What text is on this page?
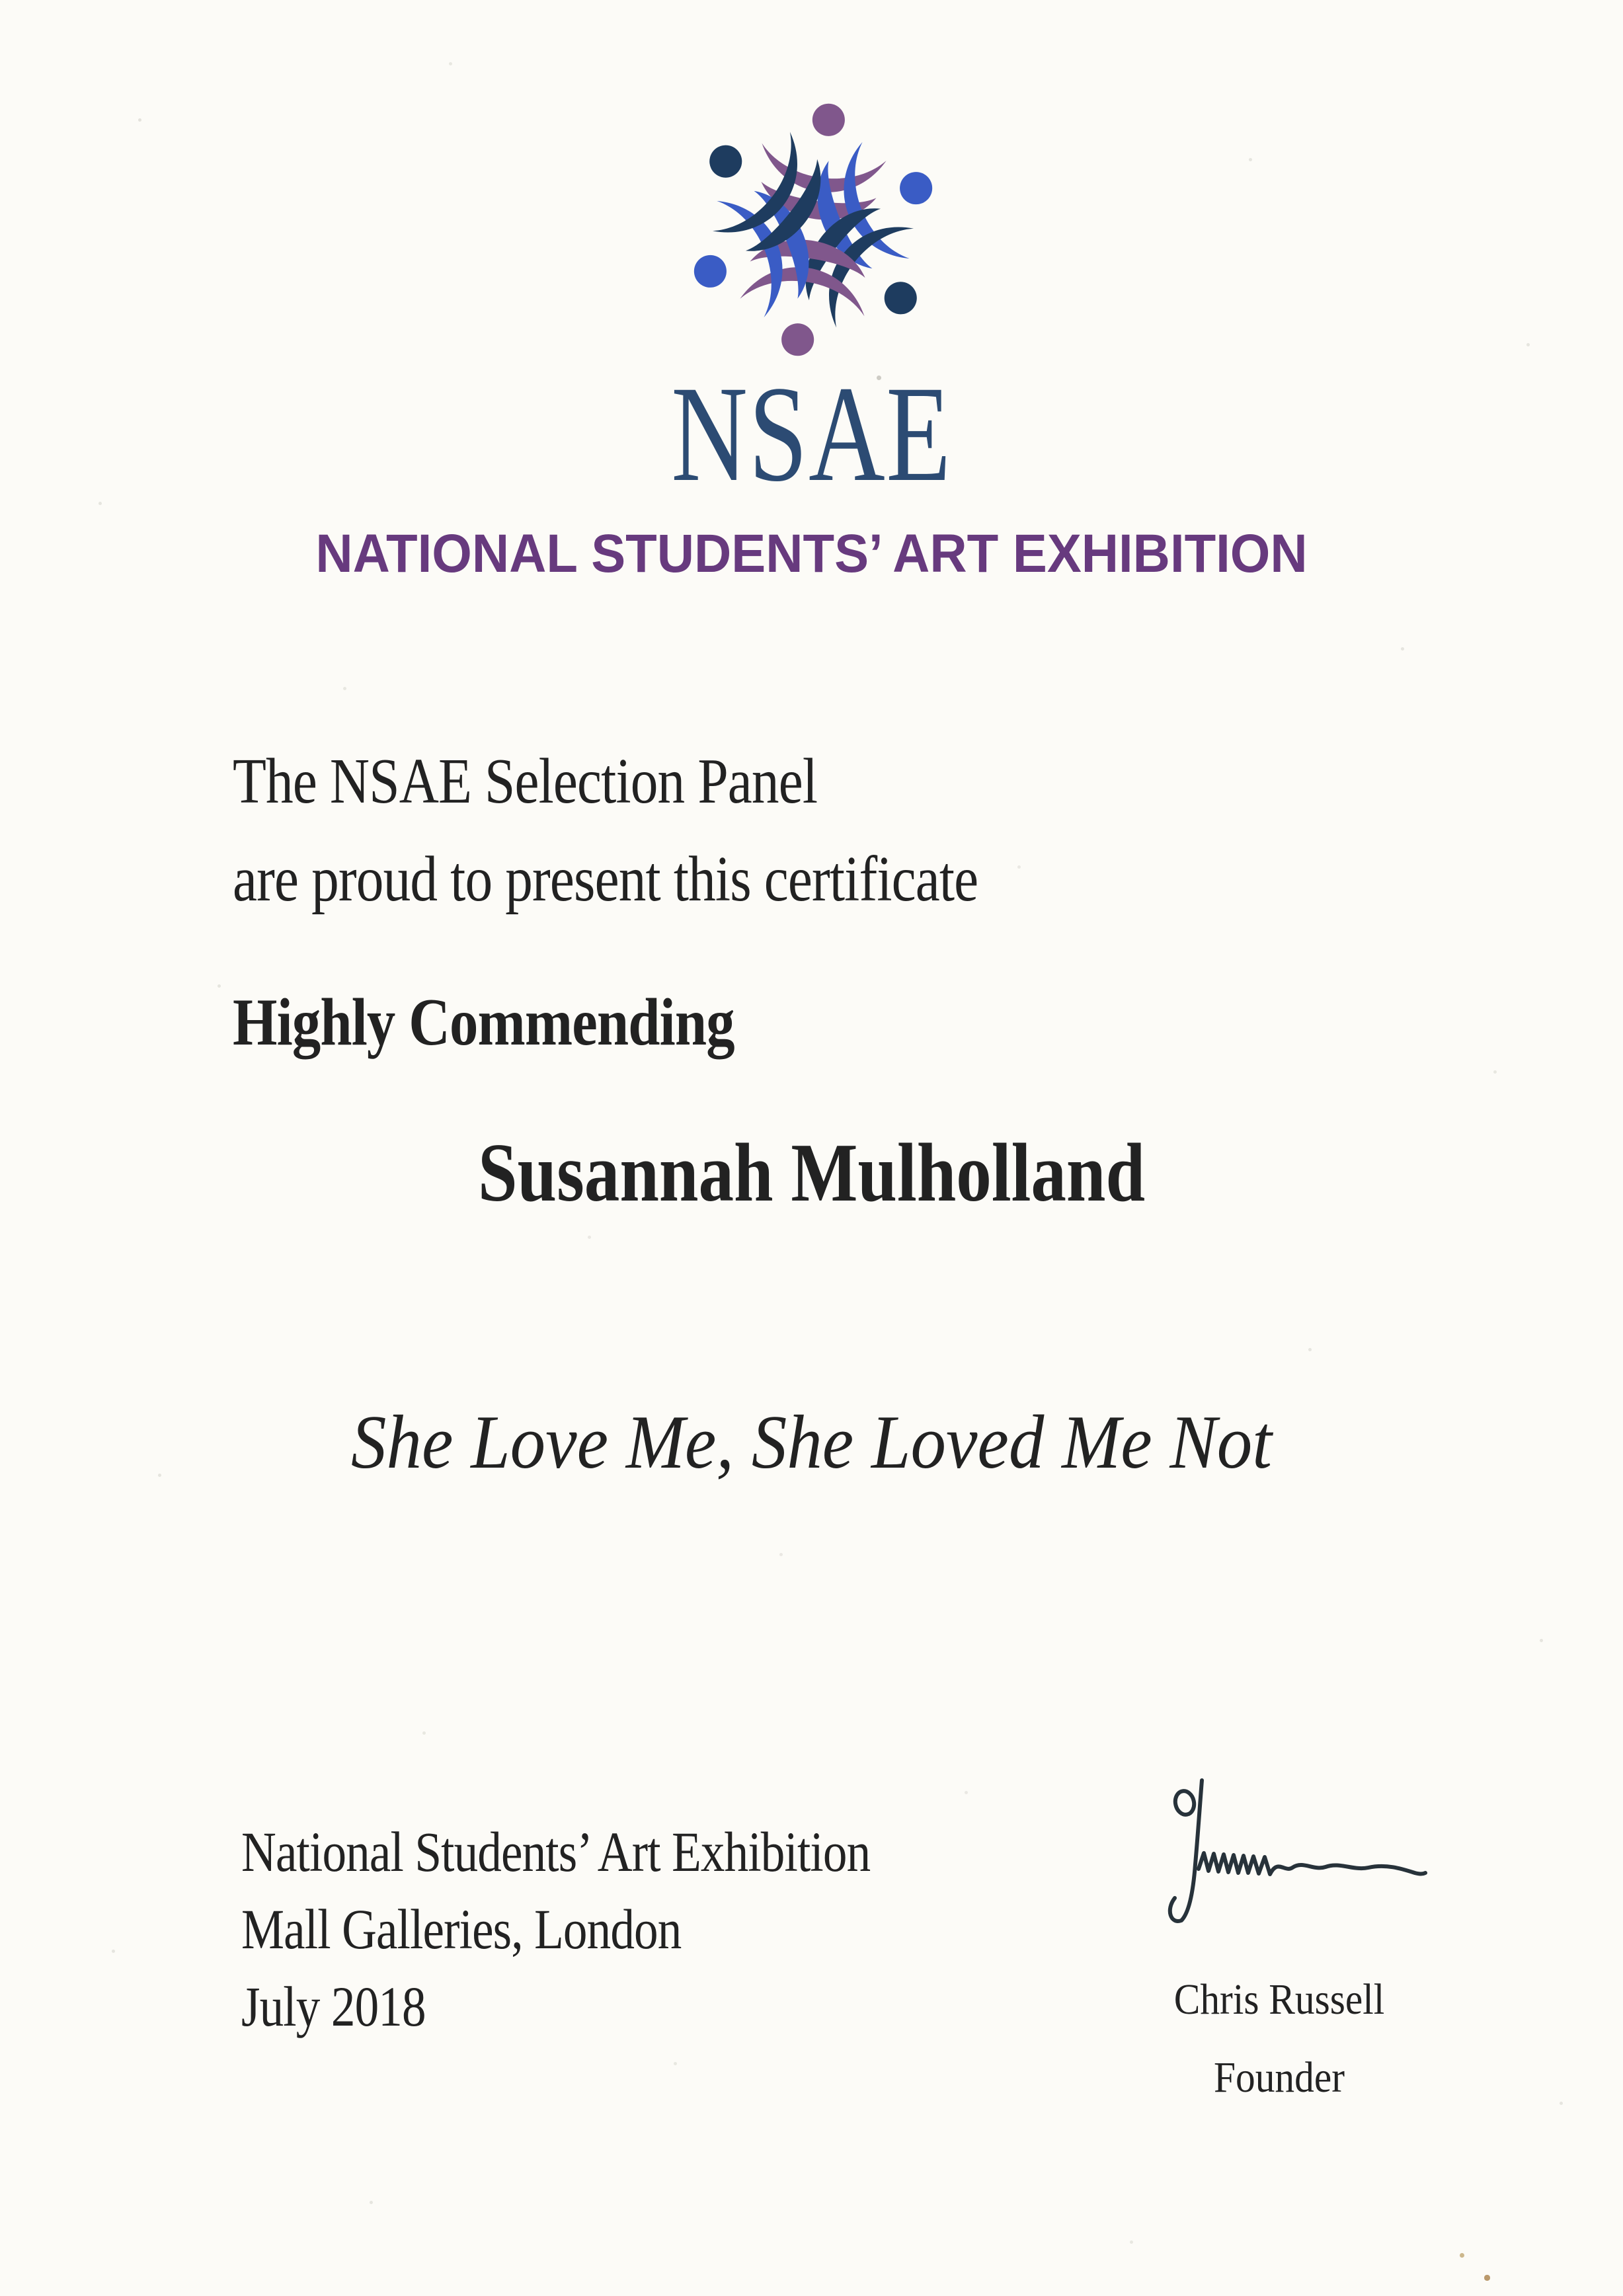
NSAE
NATIONAL STUDENTS’ ART EXHIBITION
The NSAE Selection Panel
are proud to present this certificate
Highly Commending
Susannah Mulholland
She Love Me, She Loved Me Not
National Students’ Art Exhibition
Mall Galleries, London
July 2018	Chris Russell
Founder
